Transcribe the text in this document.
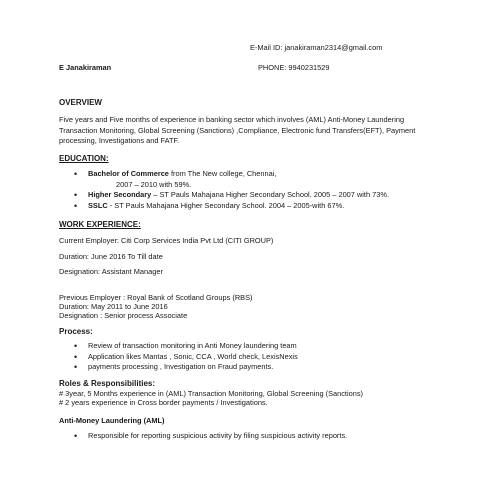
E-Mail ID: janakiraman2314@gmail.com
E Janakiraman	PHONE: 9940231529
OVERVIEW
Five years and Five months of experience in banking sector which involves (AML) Anti-Money Laundering Transaction Monitoring, Global Screening (Sanctions) ,Compliance, Electronic fund Transfers(EFT), Payment processing, Investigations and FATF.
EDUCATION:
• Bachelor of Commerce from The New college, Chennai,
2007 – 2010 with 59%.
• Higher Secondary – ST Pauls Mahajana Higher Secondary School. 2005 – 2007 with 73%.
• SSLC - ST Pauls Mahajana Higher Secondary School. 2004 – 2005-with 67%.
WORK EXPERIENCE:
Current Employer: Citi Corp Services India Pvt Ltd (CITI GROUP)
Duration: June 2016 To Till date
Designation: Assistant Manager
Previous Employer : Royal Bank of Scotland Groups (RBS)
Duration: May 2011 to June 2016
Designation : Senior process Associate
Process:
• Review of transaction monitoring in Anti Money laundering team
• Application likes Mantas , Sonic, CCA , World check, LexisNexis
• payments processing , Investigation on Fraud payments.
Roles & Responsibilities:
# 3year, 5 Months experience in (AML) Transaction Monitoring, Global Screening (Sanctions)
# 2 years experience in Cross border payments / Investigations.
Anti-Money Laundering (AML)
• Responsible for reporting suspicious activity by filing suspicious activity reports.
